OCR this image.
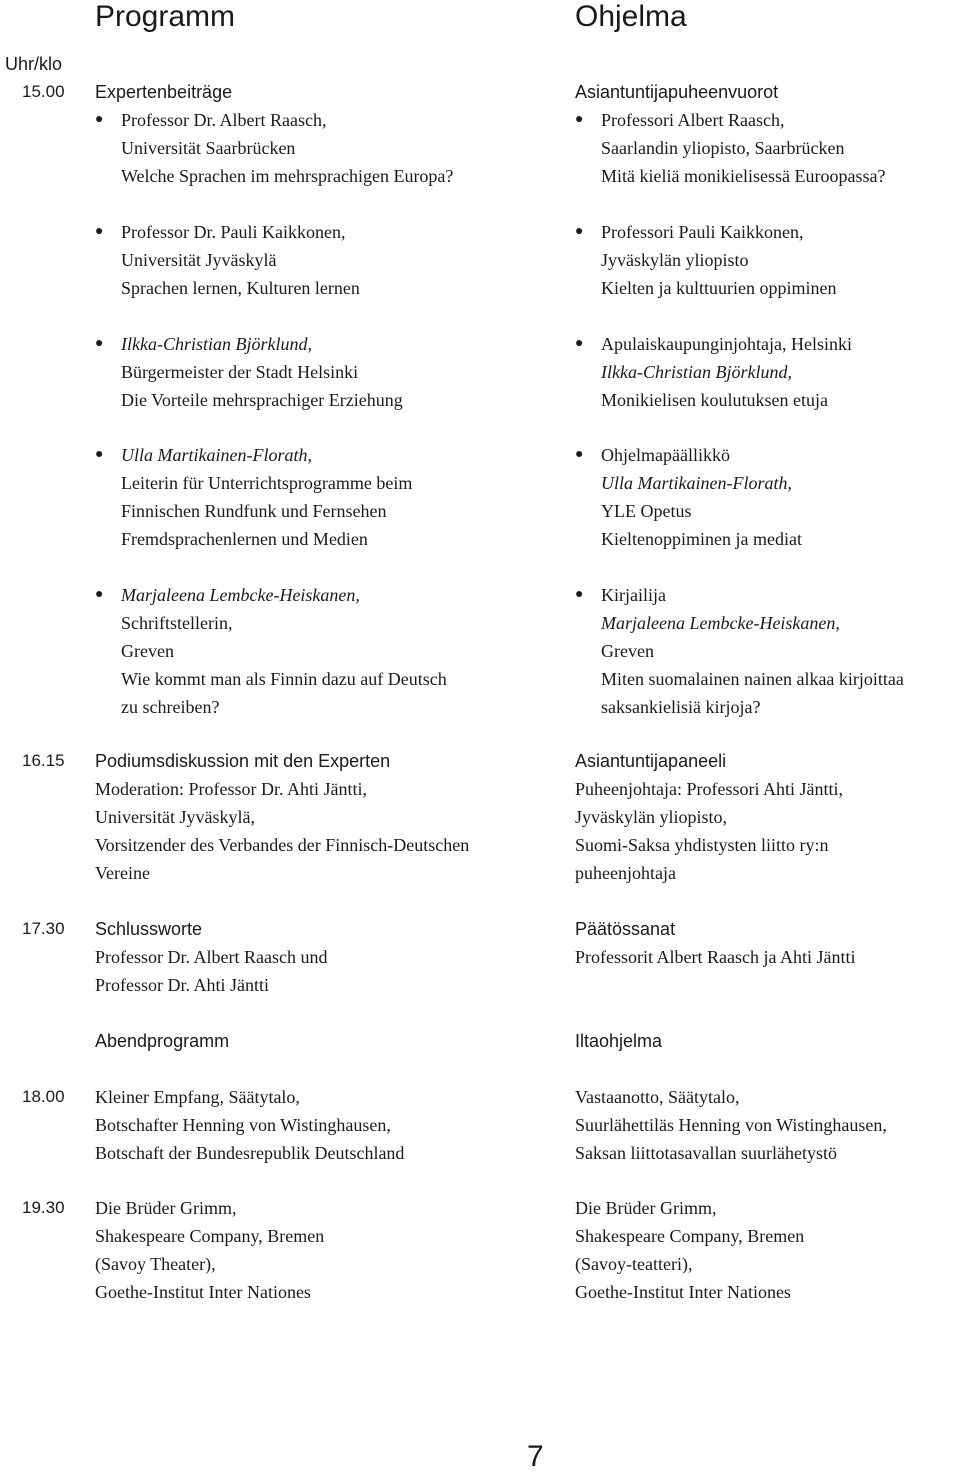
Programm	Ohjelma
Uhr/klo
15.00
16.15
17.30
18.00
19.30
Expertenbeiträge
● Professor Dr. Albert Raasch,
Universität Saarbrücken
Welche Sprachen im mehrsprachigen Europa?
● Professor Dr. Pauli Kaikkonen,
Universität Jyväskylä
Sprachen lernen, Kulturen lernen
● Ilkka-Christian Björklund,
Bürgermeister der Stadt Helsinki
Die Vorteile mehrsprachiger Erziehung
● Ulla Martikainen-Florath,
Leiterin für Unterrichtsprogramme beim
Finnischen Rundfunk und Fernsehen
Fremdsprachenlernen und Medien
● Marjaleena Lembcke-Heiskanen,
Schriftstellerin,
Greven
Wie kommt man als Finnin dazu auf Deutsch
zu schreiben?
Podiumsdiskussion mit den Experten
Moderation: Professor Dr. Ahti Jäntti,
Universität Jyväskylä,
Vorsitzender des Verbandes der Finnisch-Deutschen
Vereine
Schlussworte
Professor Dr. Albert Raasch und
Professor Dr. Ahti Jäntti
Abendprogramm
Kleiner Empfang, Säätytalo,
Botschafter Henning von Wistinghausen,
Botschaft der Bundesrepublik Deutschland
Die Brüder Grimm,
Shakespeare Company, Bremen
(Savoy Theater),
Goethe-Institut Inter Nationes
Asiantuntijapuheenvuorot
● Professori Albert Raasch,
Saarlandin yliopisto, Saarbrücken
Mitä kieliä monikielisessä Euroopassa?
● Professori Pauli Kaikkonen,
Jyväskylän yliopisto
Kielten ja kulttuurien oppiminen
● Apulaiskaupunginjohtaja, Helsinki
Ilkka-Christian Björklund,
Monikielisen koulutuksen etuja
● Ohjelmapäällikkö
Ulla Martikainen-Florath,
YLE Opetus
Kieltenoppiminen ja mediat
● Kirjailija
Marjaleena Lembcke-Heiskanen,
Greven
Miten suomalainen nainen alkaa kirjoittaa
saksankielisiä kirjoja?
Asiantuntijapaneeli
Puheenjohtaja: Professori Ahti Jäntti,
Jyväskylän yliopisto,
Suomi-Saksa yhdistysten liitto ry:n
puheenjohtaja
Päätössanat
Professorit Albert Raasch ja Ahti Jäntti
Iltaohjelma
Vastaanotto, Säätytalo,
Suurlähettiläs Henning von Wistinghausen,
Saksan liittotasavallan suurlähetystö
Die Brüder Grimm,
Shakespeare Company, Bremen
(Savoy-teatteri),
Goethe-Institut Inter Nationes
7
